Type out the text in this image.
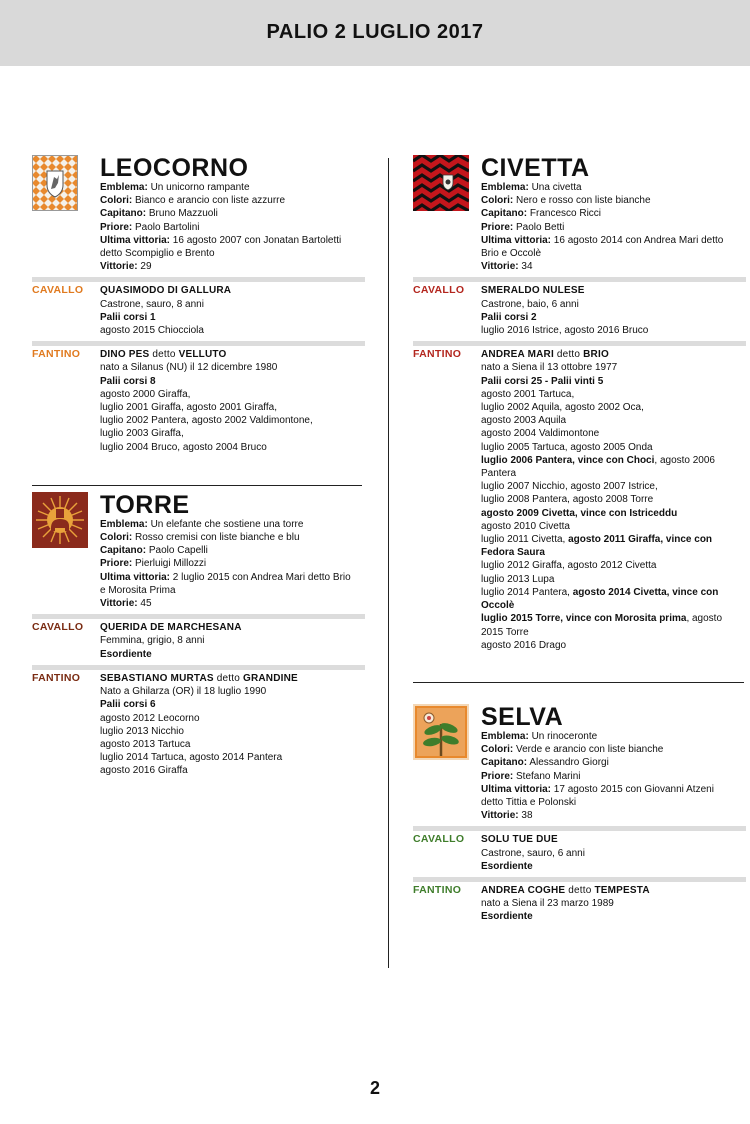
PALIO 2 LUGLIO 2017
LEOCORNO

Emblema: Un unicorno rampante

Colori: Bianco e arancio con liste azzurre

Capitano: Bruno Mazzuoli

Priore: Paolo Bartolini

Ultima vittoria: 16 agosto 2007 con Jonatan Bartoletti

detto Scompiglio e Brento

Vittorie: 29

CAVALLO	QUASIMODO DI GALLURA

Castrone, sauro, 8 anni

Palii corsi 1

agosto 2015 Chiocciola

FANTINO	DINO PES detto VELLUTO

nato a Silanus (NU) il 12 dicembre 1980

Palii corsi 8

agosto 2000 Giraffa,

luglio 2001 Giraffa, agosto 2001 Giraffa,

luglio 2002 Pantera, agosto 2002 Valdimontone,

luglio 2003 Giraffa,

luglio 2004 Bruco, agosto 2004 Bruco

TORRE

Emblema: Un elefante che sostiene una torre

Colori: Rosso cremisi con liste bianche e blu

Capitano: Paolo Capelli

Priore: Pierluigi Millozzi

Ultima vittoria: 2 luglio 2015 con Andrea Mari detto Brio

e Morosita Prima

Vittorie: 45

CAVALLO	QUERIDA DE MARCHESANA

Femmina, grigio, 8 anni

Esordiente

FANTINO	SEBASTIANO MURTAS detto GRANDINE

Nato a Ghilarza (OR) il 18 luglio 1990

Palii corsi 6

agosto 2012 Leocorno

luglio 2013 Nicchio

agosto 2013 Tartuca

luglio 2014 Tartuca, agosto 2014 Pantera

agosto 2016 Giraffa

CIVETTA

Emblema: Una civetta

Colori: Nero e rosso con liste bianche

Capitano: Francesco Ricci

Priore: Paolo Betti

Ultima vittoria: 16 agosto 2014 con Andrea Mari detto

Brio e Occolè

Vittorie: 34

CAVALLO	SMERALDO NULESE

Castrone, baio, 6 anni

Palii corsi 2

luglio 2016 Istrice, agosto 2016 Bruco

FANTINO	ANDREA MARI detto BRIO

nato a Siena il 13 ottobre 1977

Palii corsi 25 - Palii vinti 5

agosto 2001 Tartuca,

luglio 2002 Aquila, agosto 2002 Oca,

agosto 2003 Aquila

agosto 2004 Valdimontone

luglio 2005 Tartuca, agosto 2005 Onda

luglio 2006 Pantera, vince con Choci, agosto 2006

Pantera

luglio 2007 Nicchio, agosto 2007 Istrice,

luglio 2008 Pantera, agosto 2008 Torre

agosto 2009 Civetta, vince con Istriceddu

agosto 2010 Civetta

luglio 2011 Civetta, agosto 2011 Giraffa, vince con

Fedora Saura

luglio 2012 Giraffa, agosto 2012 Civetta

luglio 2013 Lupa

luglio 2014 Pantera, agosto 2014 Civetta, vince con

Occolè

luglio 2015 Torre, vince con Morosita prima, agosto

2015 Torre

agosto 2016 Drago

SELVA

Emblema: Un rinoceronte

Colori: Verde e arancio con liste bianche

Capitano: Alessandro Giorgi

Priore: Stefano Marini

Ultima vittoria: 17 agosto 2015 con Giovanni Atzeni

detto Tittia e Polonski

Vittorie: 38

CAVALLO	SOLU TUE DUE

Castrone, sauro, 6 anni

Esordiente

FANTINO	ANDREA COGHE detto TEMPESTA

nato a Siena il 23 marzo 1989

Esordiente

2
